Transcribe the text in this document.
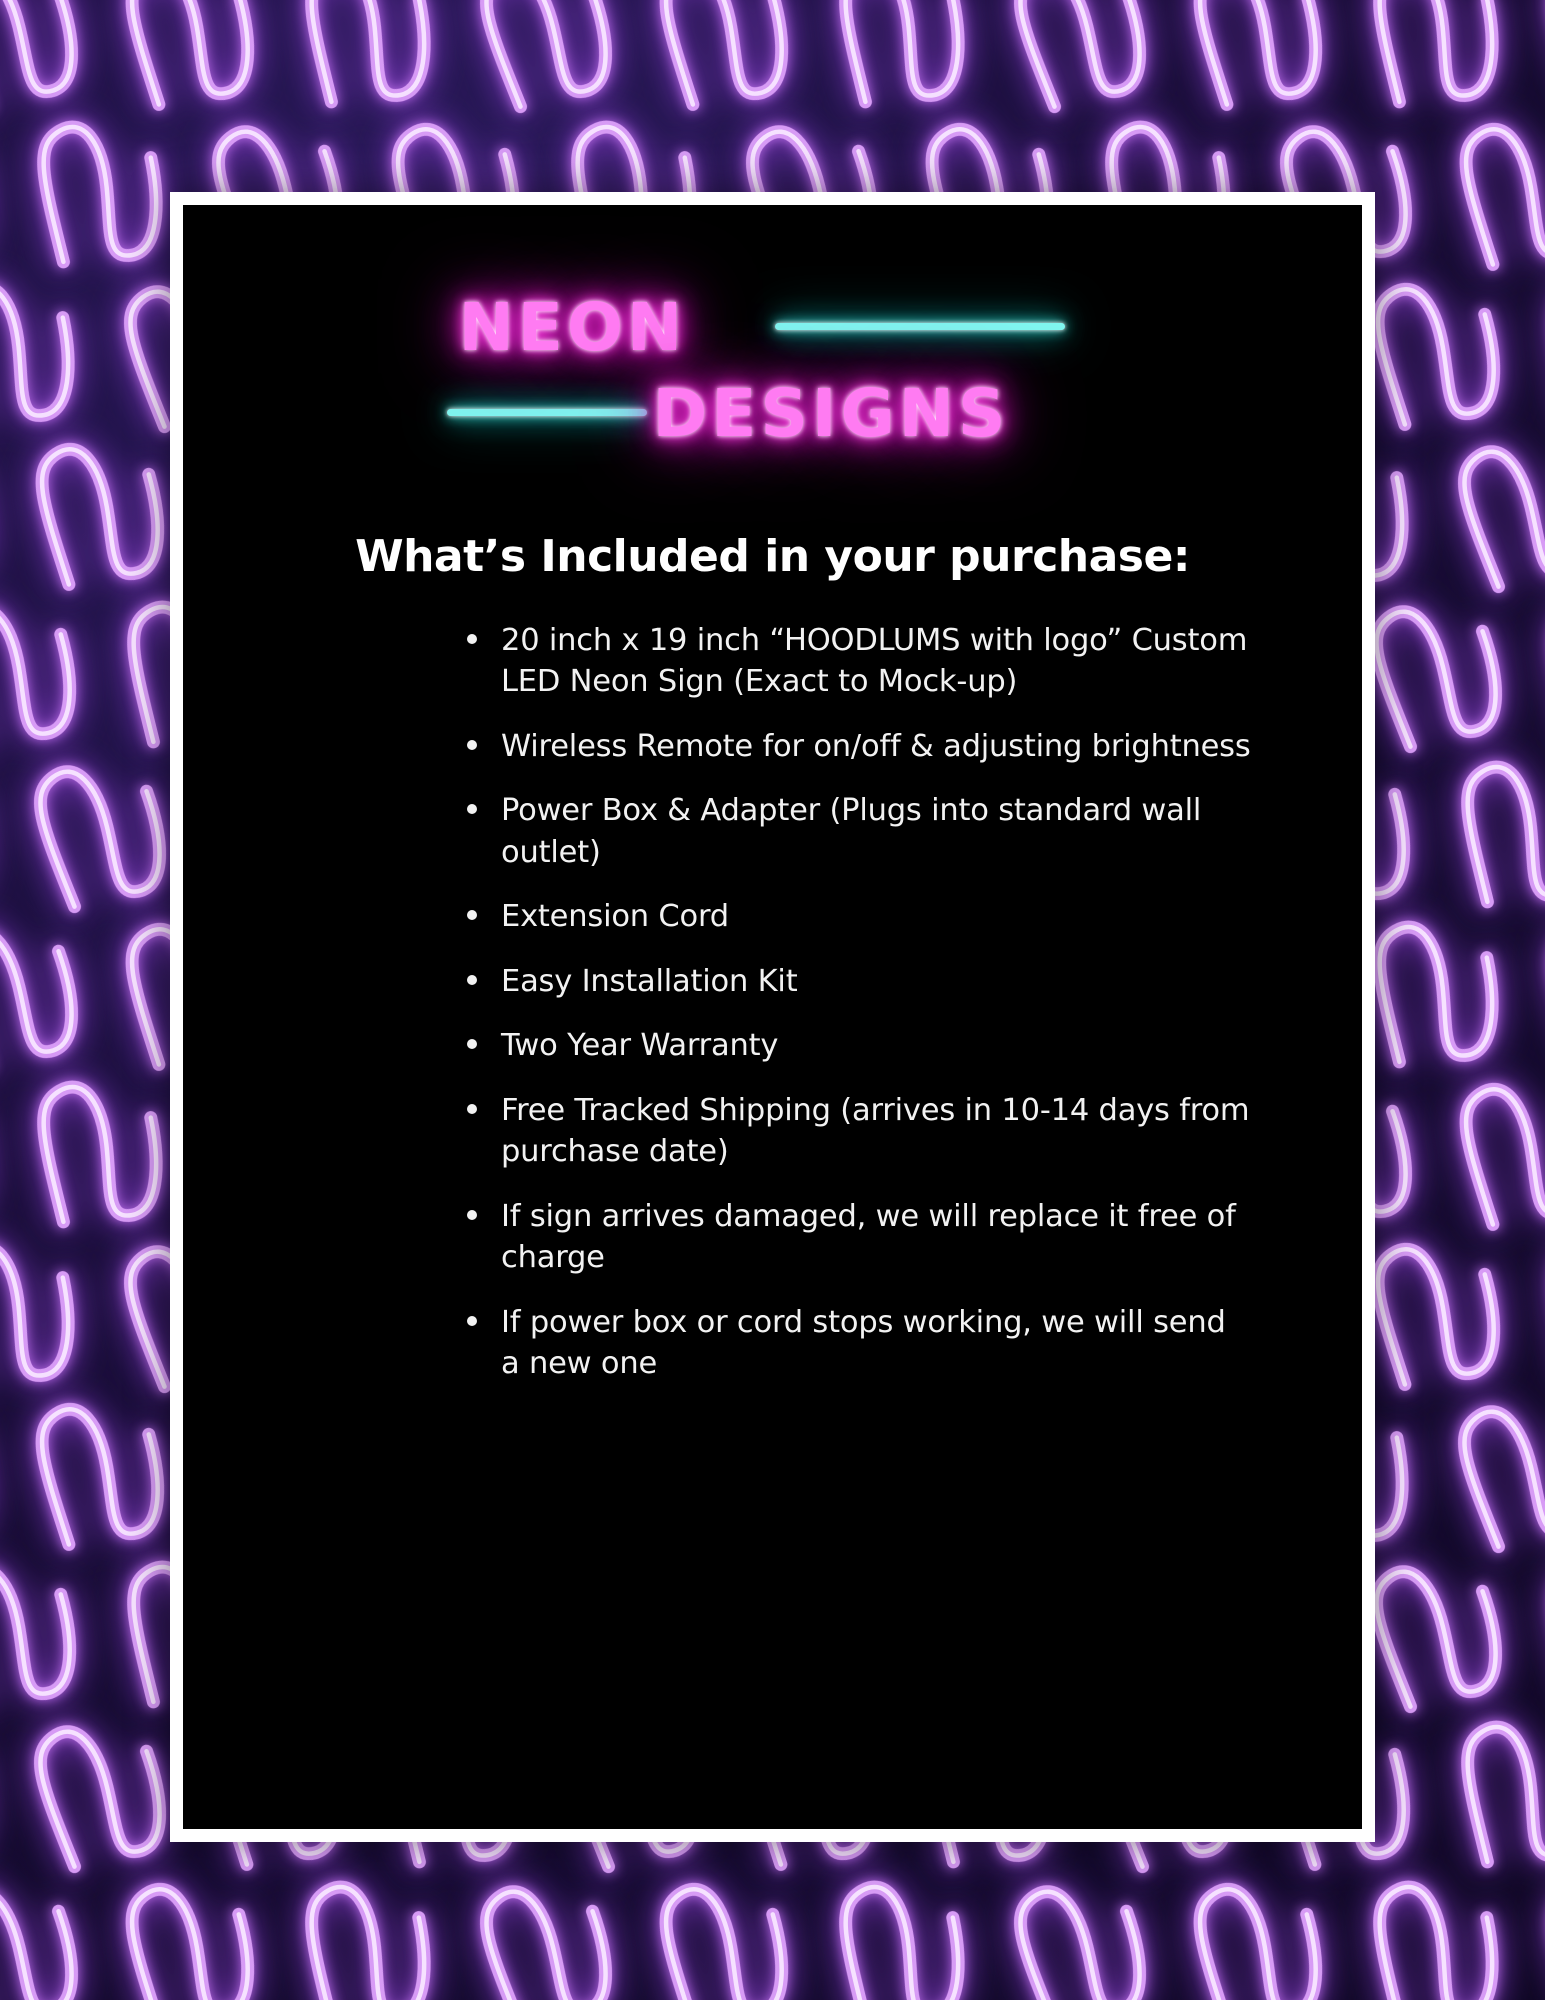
NEON
DESIGNS
What’s Included in your purchase:
20 inch x 19 inch “HOODLUMS with logo” Custom LED Neon Sign (Exact to Mock-up)
Wireless Remote for on/off & adjusting brightness
Power Box & Adapter (Plugs into standard wall outlet)
Extension Cord
Easy Installation Kit
Two Year Warranty
Free Tracked Shipping (arrives in 10-14 days from purchase date)
If sign arrives damaged, we will replace it free of charge
If power box or cord stops working, we will send a new one
